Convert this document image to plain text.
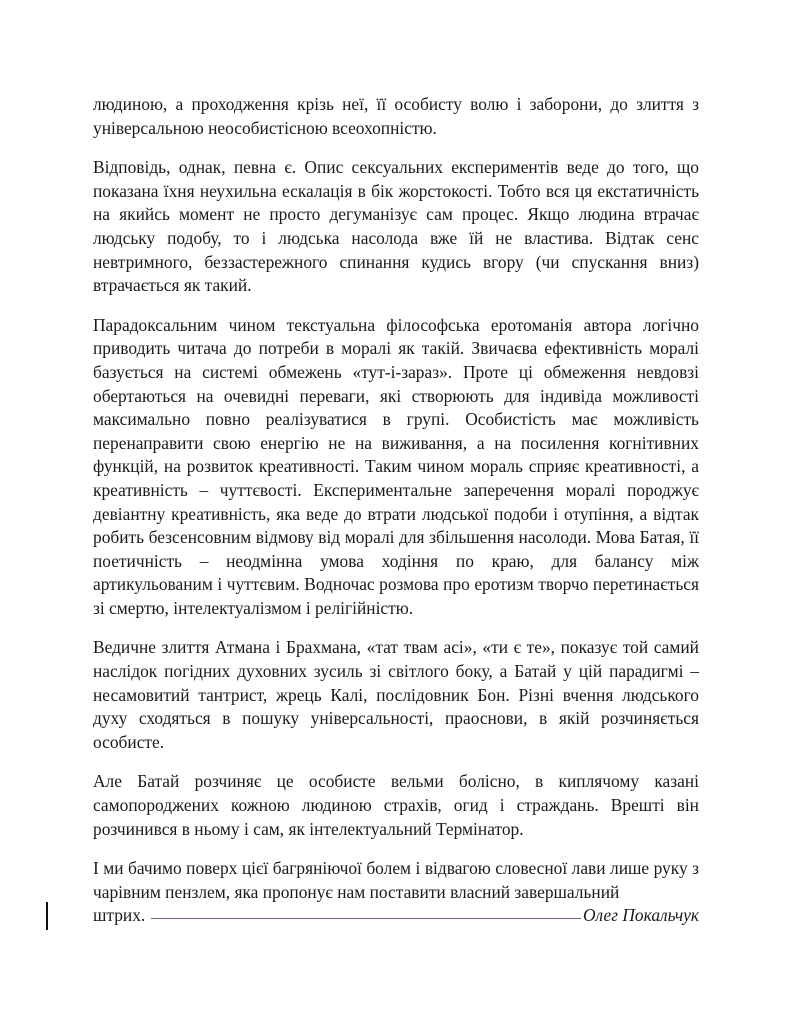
людиною, а проходження крізь неї, її особисту волю і заборони, до злиття з універсальною неособистісною всеохопністю.

Відповідь, однак, певна є. Опис сексуальних експериментів веде до того, що показана їхня неухильна ескалація в бік жорстокості. Тобто вся ця екстатичність на якийсь момент не просто дегуманізує сам процес. Якщо людина втрачає людську подобу, то і людська насолода вже їй не властива. Відтак сенс невтримного, беззастережного спинання кудись вгору (чи спускання вниз) втрачається як такий.

Парадоксальним чином текстуальна філософська еротоманія автора логічно приводить читача до потреби в моралі як такій. Звичаєва ефективність моралі базується на системі обмежень «тут-і-зараз». Проте ці обмеження невдовзі обертаються на очевидні переваги, які створюють для індивіда можливості максимально повно реалізуватися в групі. Особистість має можливість перенаправити свою енергію не на виживання, а на посилення когнітивних функцій, на розвиток креативності. Таким чином мораль сприяє креативності, а креативність – чуттєвості. Експериментальне заперечення моралі породжує девіантну креативність, яка веде до втрати людської подоби і отупіння, а відтак робить безсенсовним відмову від моралі для збільшення насолоди. Мова Батая, її поетичність – неодмінна умова ходіння по краю, для балансу між артикульованим і чуттєвим. Водночас розмова про еротизм творчо перетинається зі смертю, інтелектуалізмом і релігійністю.

Ведичне злиття Атмана і Брахмана, «тат твам асі», «ти є те», показує той самий наслідок погідних духовних зусиль зі світлого боку, а Батай у цій парадигмі – несамовитий тантрист, жрець Калі, послідовник Бон. Різні вчення людського духу сходяться в пошуку універсальності, праоснови, в якій розчиняється особисте.

Але Батай розчиняє це особисте вельми болісно, в киплячому казані самопороджених кожною людиною страхів, огид і страждань. Врешті він розчинився в ньому і сам, як інтелектуальний Термінатор.

І ми бачимо поверх цієї багряніючої болем і відвагою словесної лави лише руку з чарівним пензлем, яка пропонує нам поставити власний завершальний
штрих.	Олег Покальчук
